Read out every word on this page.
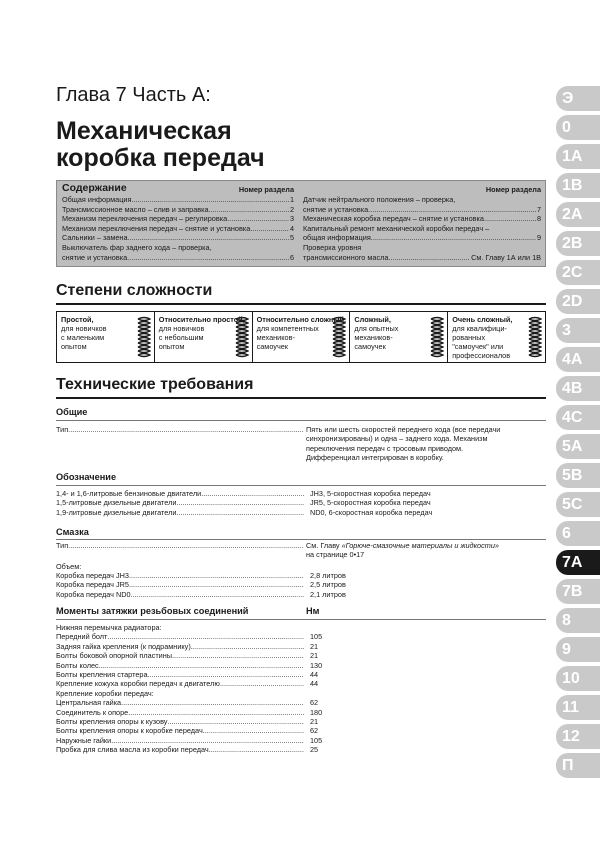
Глава 7 Часть А:
Механическая
коробка передач
Содержание	Номер раздела
Общая информация .....	1
Трансмиссионное масло – слив и заправка .....	2
Механизм переключения передач – регулировка .....	3
Механизм переключения передач – снятие и установка .....	4
Сальники – замена .....	5
Выключатель фар заднего хода – проверка,
снятие и установка .....	6
Номер раздела
Датчик нейтрального положения – проверка,
снятие и установка .....	7
Механическая коробка передач – снятие и установка .....	8
Капитальный ремонт механической коробки передач –
общая информация .....	9
Проверка уровня
трансмиссионного масла .....	См. Главу 1А или 1В
Степени сложности
Простой,
для новичков
с маленьким
опытом
Относительно простой,
для новичков
с небольшим
опытом
Относительно сложный,
для компетентных
механиков-
самоучек
Сложный,
для опытных
механиков-
самоучек
Очень сложный,
для квалифици-
рованных
"самоучек" или
профессионалов
Технические требования
Общие
Тип .....	Пять или шесть скоростей переднего хода (все передачи
синхронизированы) и одна – заднего хода. Механизм
переключения передач с тросовым приводом.
Дифференциал интегрирован в коробку.
Обозначение
1,4- и 1,6-литровые бензиновые двигатели .....	JH3, 5-скоростная коробка передач
1,5-литровые дизельные двигатели .....	JR5, 5-скоростная коробка передач
1,9-литровые дизельные двигатели .....	ND0, 6-скоростная коробка передач
Смазка
Тип .....	См. Главу «Горюче-смазочные материалы и жидкости»
на странице 0•17
Объем:
Коробка передач JH3 .....	2,8 литров
Коробка передач JR5 .....	2,5 литров
Коробка передач ND0 .....	2,1 литров
Моменты затяжки резьбовых соединений	Нм
Нижняя перемычка радиатора:
Передний болт .....	105
Задняя гайка крепления (к подрамнику) .....	21
Болты боковой опорной пластины .....	21
Болты колес .....	130
Болты крепления стартера .....	44
Крепление кожуха коробки передач к двигателю .....	44
Крепление коробки передач:
Центральная гайка .....	62
Соединитель к опоре .....	180
Болты крепления опоры к кузову .....	21
Болты крепления опоры к коробке передач .....	62
Наружные гайки .....	105
Пробка для слива масла из коробки передач .....	25
Э
0
1A
1B
2A
2B
2C
2D
3
4A
4B
4C
5A
5B
5C
6
7A
7B
8
9
10
11
12
П
